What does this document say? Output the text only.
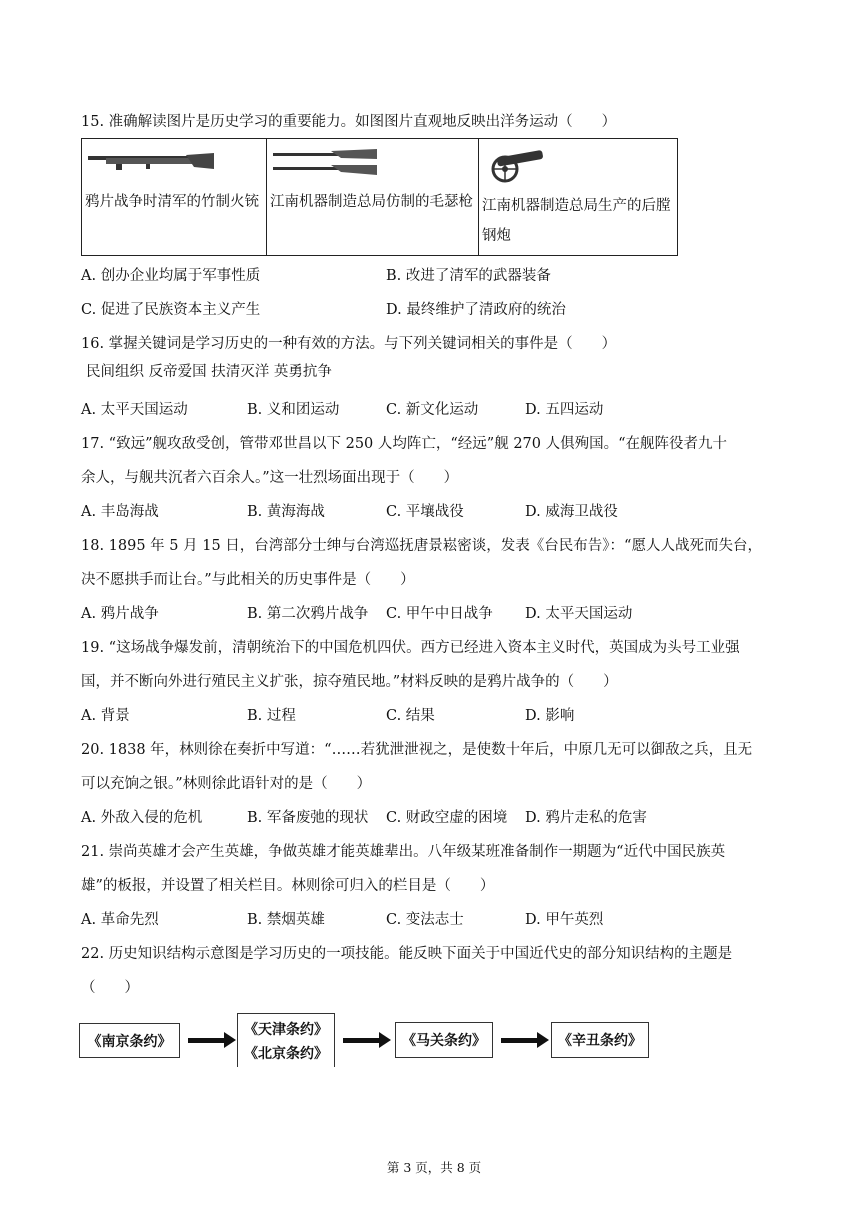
15. 准确解读图片是历史学习的重要能力。如图图片直观地反映出洋务运动（　　）
鸦片战争时清军的竹制火铳	江南机器制造总局仿制的毛瑟枪	江南机器制造总局生产的后膛钢炮
A. 创办企业均属于军事性质	B. 改进了清军的武器装备
C. 促进了民族资本主义产生	D. 最终维护了清政府的统治
16. 掌握关键词是学习历史的一种有效的方法。与下列关键词相关的事件是（　　）
民间组织 反帝爱国 扶清灭洋 英勇抗争
A. 太平天国运动	B. 义和团运动	C. 新文化运动	D. 五四运动
17. “致远”舰攻敌受创，管带邓世昌以下 250 人均阵亡，“经远”舰 270 人俱殉国。“在舰阵役者九十
余人，与舰共沉者六百余人。”这一壮烈场面出现于（　　）
A. 丰岛海战	B. 黄海海战	C. 平壤战役	D. 威海卫战役
18. 1895 年 5 月 15 日，台湾部分士绅与台湾巡抚唐景崧密谈，发表《台民布告》：“愿人人战死而失台，
决不愿拱手而让台。”与此相关的历史事件是（　　）
A. 鸦片战争	B. 第二次鸦片战争 C. 甲午中日战争 D. 太平天国运动
19. “这场战争爆发前，清朝统治下的中国危机四伏。西方已经进入资本主义时代，英国成为头号工业强
国，并不断向外进行殖民主义扩张，掠夺殖民地。”材料反映的是鸦片战争的（　　）
A. 背景	B. 过程	C. 结果	D. 影响
20. 1838 年，林则徐在奏折中写道：“……若犹泄泄视之，是使数十年后，中原几无可以御敌之兵，且无
可以充饷之银。”林则徐此语针对的是（　　）
A. 外敌入侵的危机	B. 军备废弛的现状 C. 财政空虚的困境 D. 鸦片走私的危害
21. 崇尚英雄才会产生英雄，争做英雄才能英雄辈出。八年级某班准备制作一期题为“近代中国民族英
雄”的板报，并设置了相关栏目。林则徐可归入的栏目是（　　）
A. 革命先烈	B. 禁烟英雄	C. 变法志士	D. 甲午英烈
22. 历史知识结构示意图是学习历史的一项技能。能反映下面关于中国近代史的部分知识结构的主题是
（　　）
《南京条约》
《天津条约》
《北京条约》
《马关条约》	《辛丑条约》
第 3 页，共 8 页
